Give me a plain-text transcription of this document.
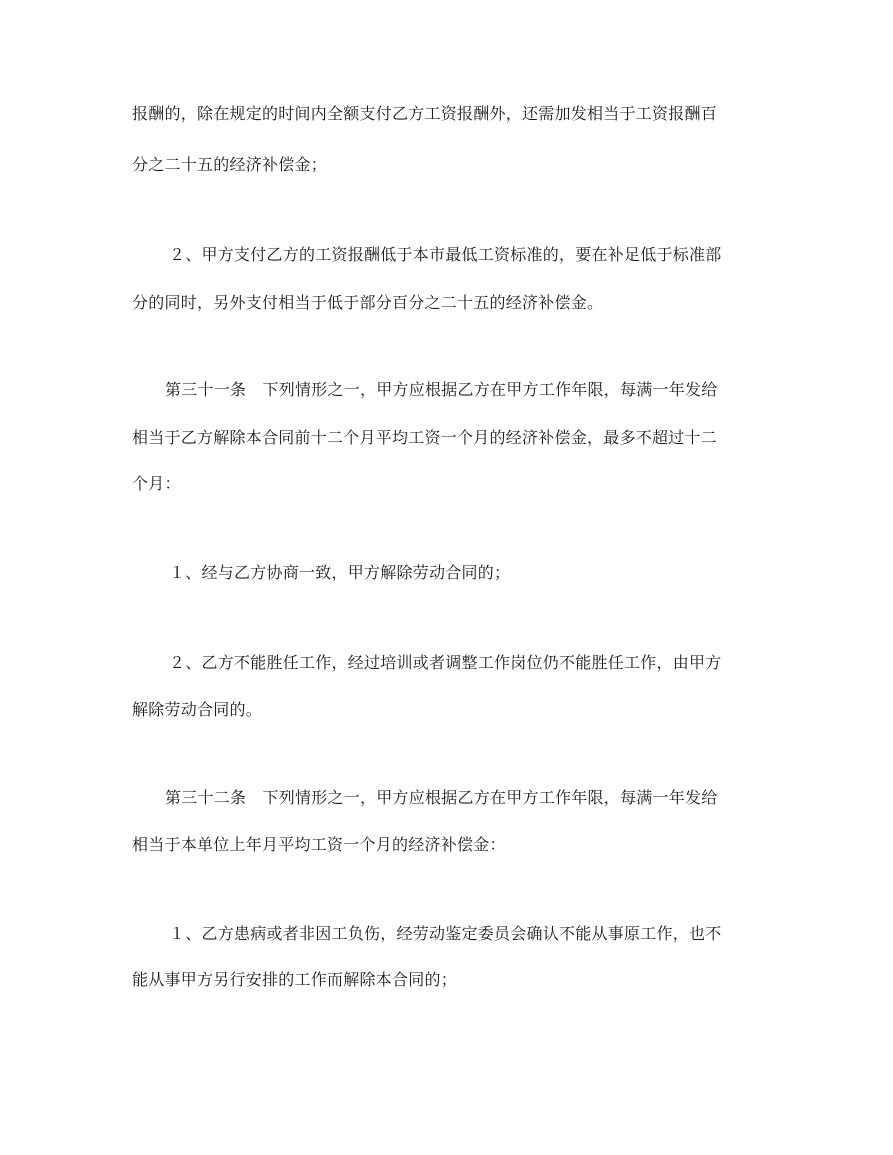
报酬的，除在规定的时间内全额支付乙方工资报酬外，还需加发相当于工资报酬百
分之二十五的经济补偿金；
２、甲方支付乙方的工资报酬低于本市最低工资标准的，要在补足低于标准部
分的同时，另外支付相当于低于部分百分之二十五的经济补偿金。
第三十一条　下列情形之一，甲方应根据乙方在甲方工作年限，每满一年发给
相当于乙方解除本合同前十二个月平均工资一个月的经济补偿金，最多不超过十二
个月：
１、经与乙方协商一致，甲方解除劳动合同的；
２、乙方不能胜任工作，经过培训或者调整工作岗位仍不能胜任工作，由甲方
解除劳动合同的。
第三十二条　下列情形之一，甲方应根据乙方在甲方工作年限，每满一年发给
相当于本单位上年月平均工资一个月的经济补偿金：
１、乙方患病或者非因工负伤，经劳动鉴定委员会确认不能从事原工作，也不
能从事甲方另行安排的工作而解除本合同的；
